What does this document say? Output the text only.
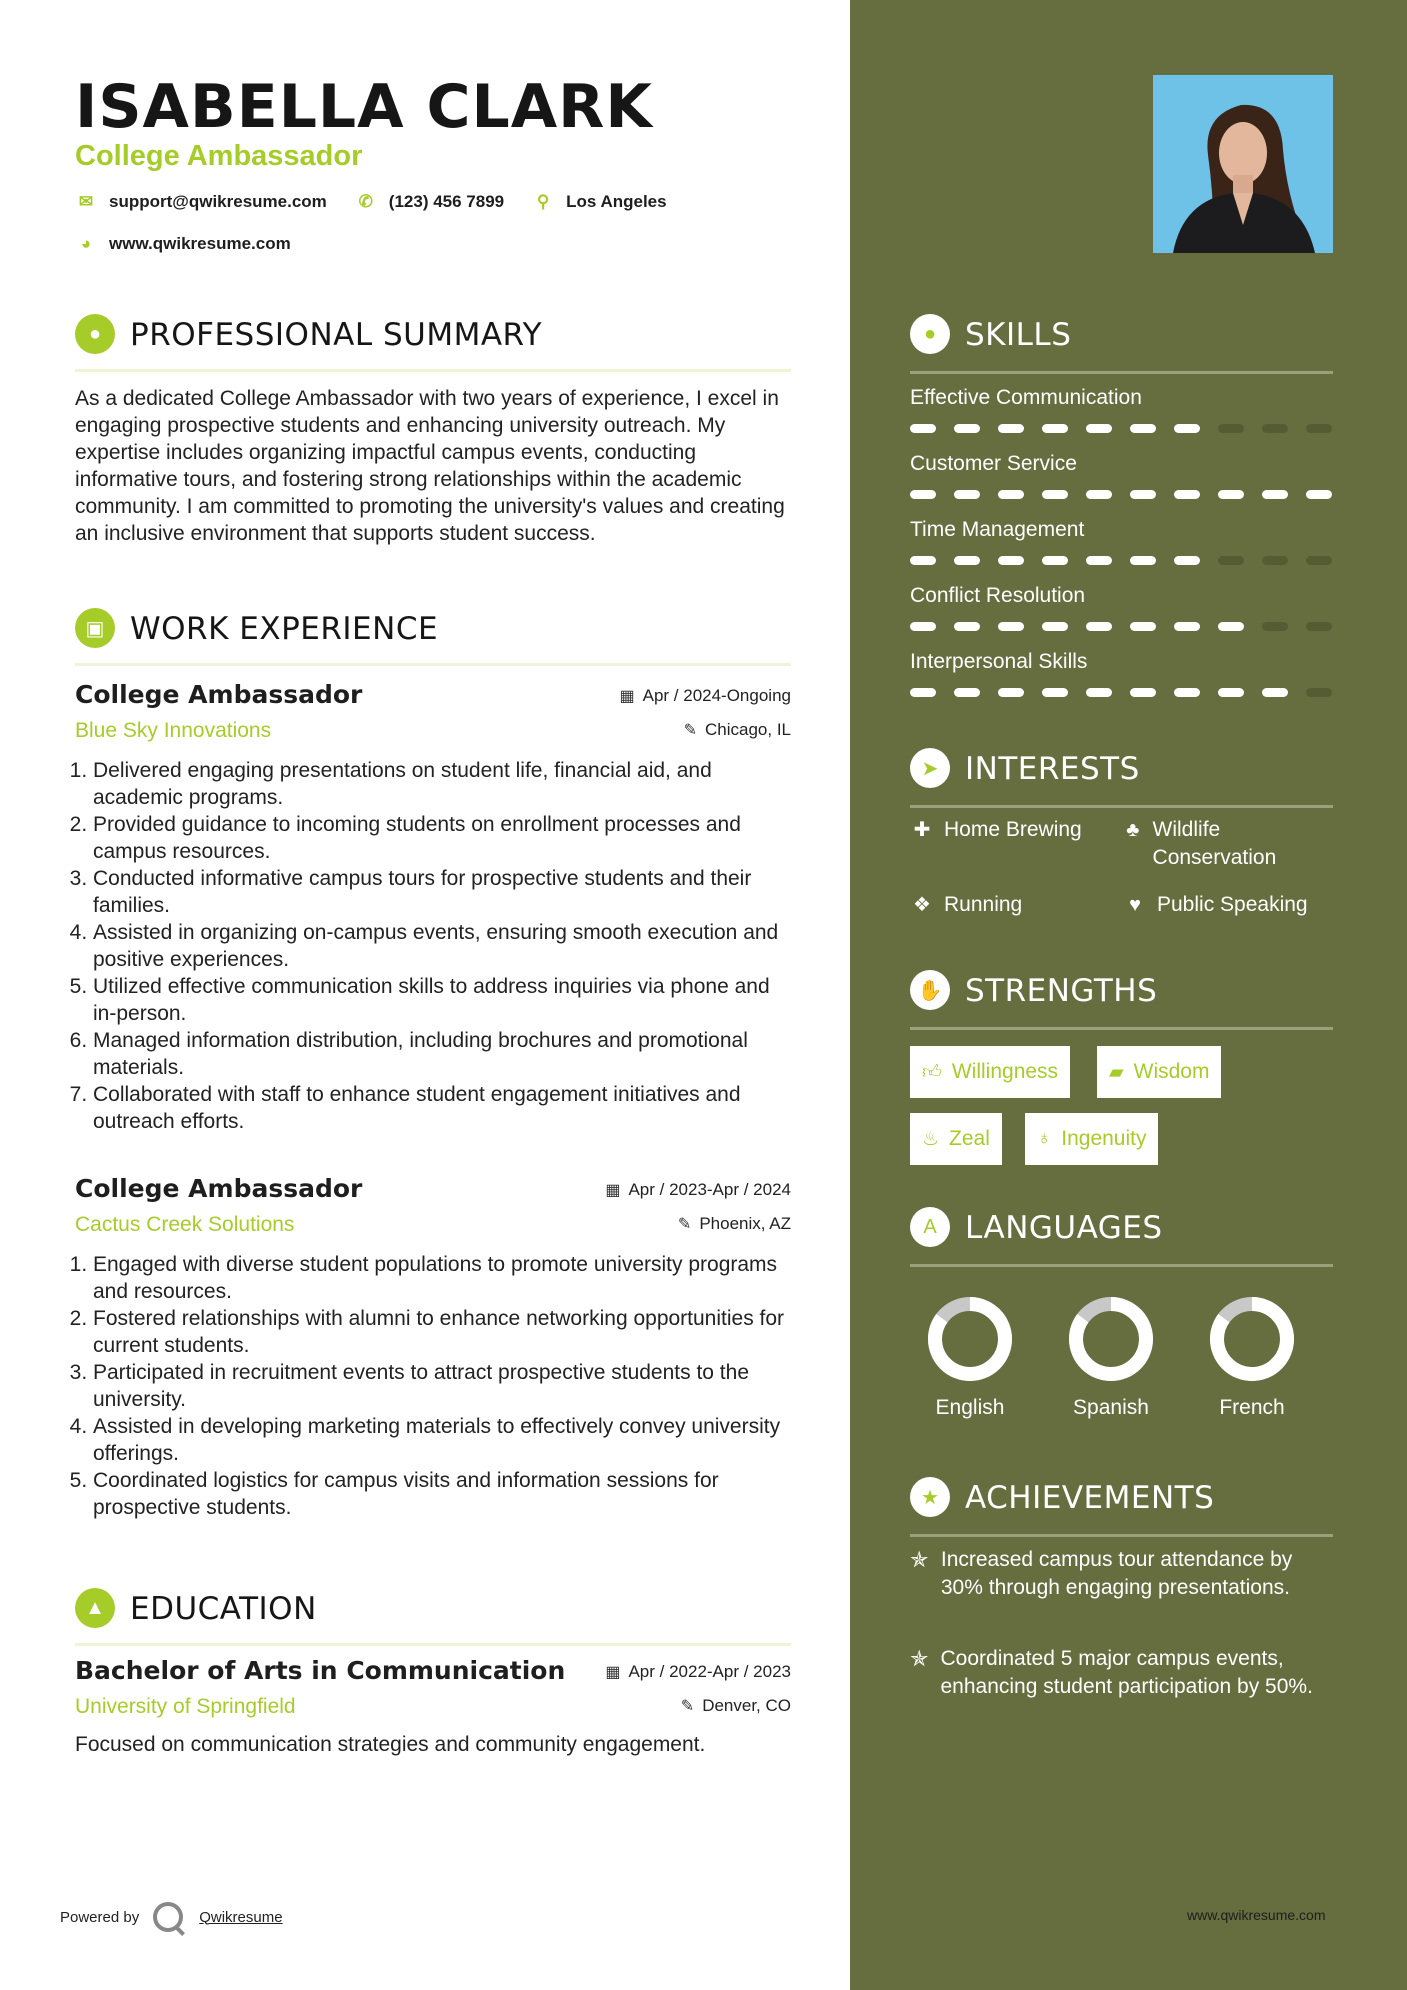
ISABELLA CLARK
College Ambassador
✉ support@qwikresume.com ✆ (123) 456 7899 ⚲ Los Angeles
◕	www.qwikresume.com
● PROFESSIONAL SUMMARY
As a dedicated College Ambassador with two years of experience, I excel in engaging prospective students and enhancing university outreach. My expertise includes organizing impactful campus events, conducting informative tours, and fostering strong relationships within the academic community. I am committed to promoting the university's values and creating an inclusive environment that supports student success.
▣ WORK EXPERIENCE
College Ambassador	▦ Apr / 2024-Ongoing
✎ Chicago, IL
Blue Sky Innovations
1. Delivered engaging presentations on student life, financial aid, and academic programs.
2. Provided guidance to incoming students on enrollment processes and campus resources.
3. Conducted informative campus tours for prospective students and their families.
4. Assisted in organizing on-campus events, ensuring smooth execution and positive experiences.
5. Utilized effective communication skills to address inquiries via phone and in-person.
6. Managed information distribution, including brochures and promotional materials.
7. Collaborated with staff to enhance student engagement initiatives and outreach efforts.
College Ambassador	▦ Apr / 2023-Apr / 2024
✎ Phoenix, AZ
Cactus Creek Solutions
1. Engaged with diverse student populations to promote university programs and resources.
2. Fostered relationships with alumni to enhance networking opportunities for current students.
3. Participated in recruitment events to attract prospective students to the university.
4. Assisted in developing marketing materials to effectively convey university offerings.
5. Coordinated logistics for campus visits and information sessions for prospective students.
▲ EDUCATION
Bachelor of Arts in Communication	▦ Apr / 2022-Apr / 2023
✎ Denver, CO
University of Springfield
Focused on communication strategies and community engagement.
Powered by	Qwikresume
● SKILLS
Effective Communication
Customer Service
Time Management
Conflict Resolution
Interpersonal Skills
➤ INTERESTS
✚ Home Brewing ♣ Wildlife Conservation
❖ Running	♥ Public Speaking
✋ STRENGTHS
👍︎ Willingness	▰ Wisdom
♨ Zeal ♁ Ingenuity
A LANGUAGES
English	Spanish	French
★ ACHIEVEMENTS
✯ Increased campus tour attendance by 30% through engaging presentations.
✯ Coordinated 5 major campus events, enhancing student participation by 50%.
www.qwikresume.com
